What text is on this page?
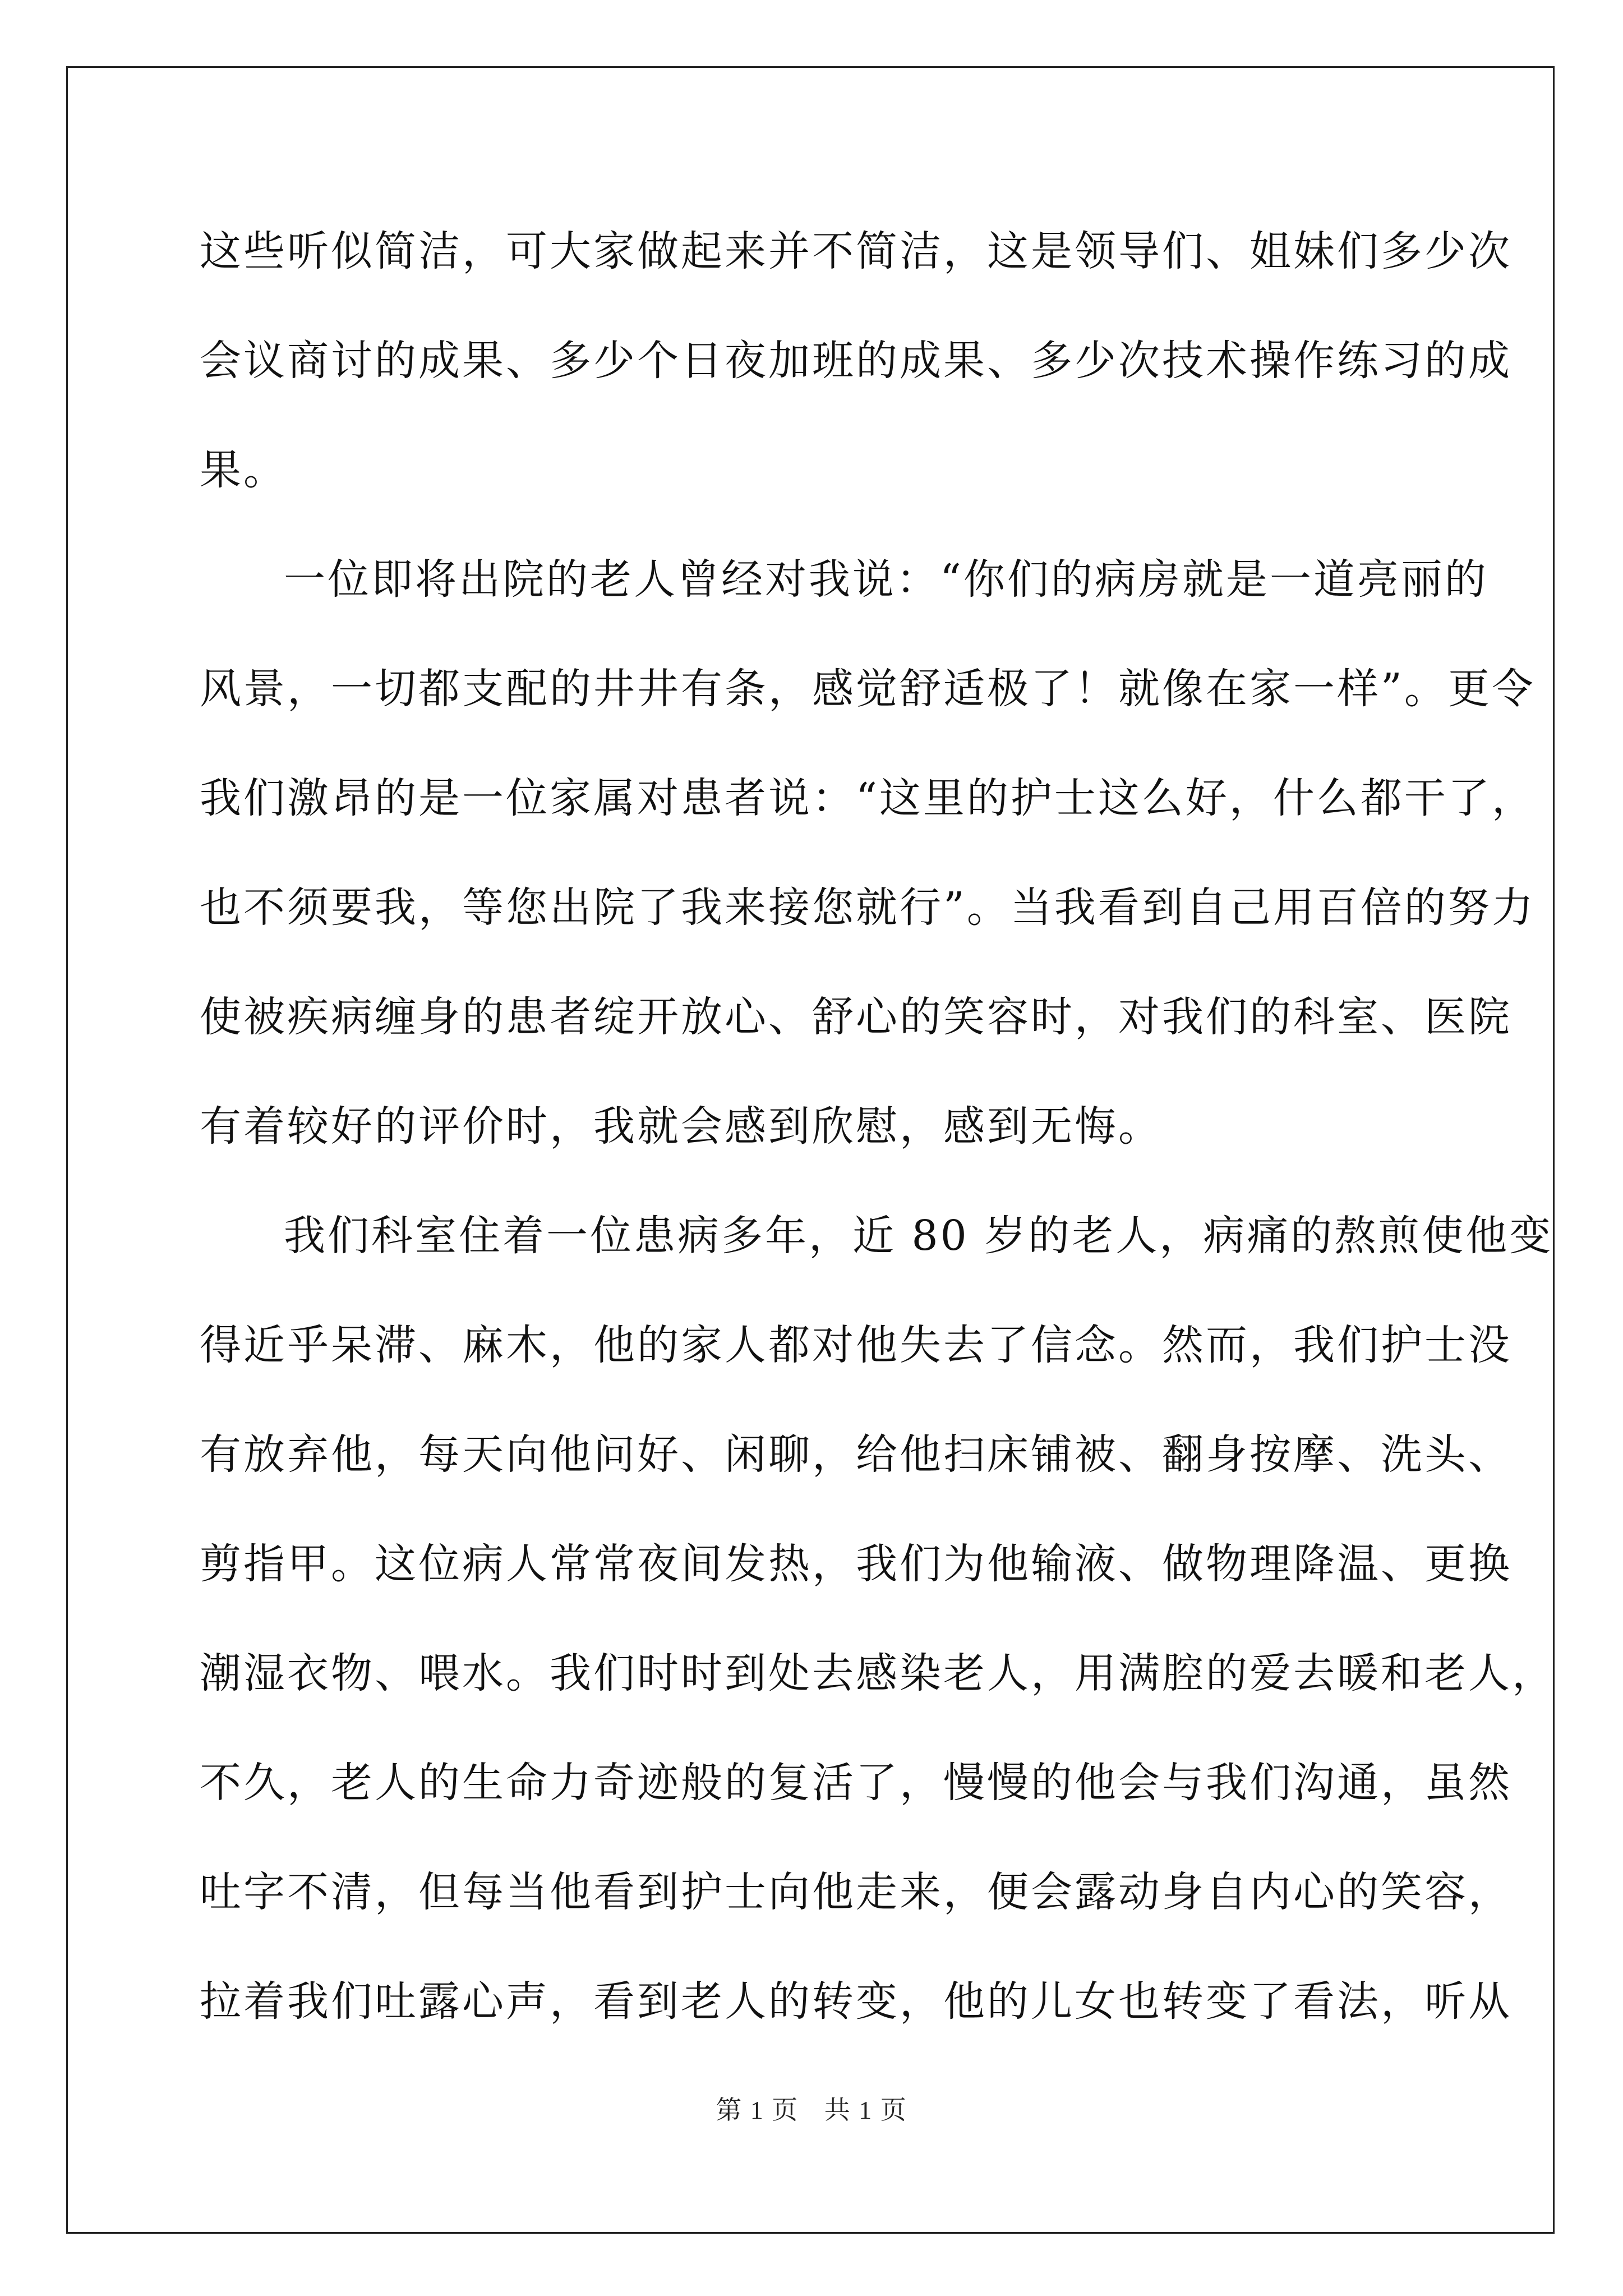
这些听似简洁，可大家做起来并不简洁，这是领导们、姐妹们多少次
会议商讨的成果、多少个日夜加班的成果、多少次技术操作练习的成
果。
一位即将出院的老人曾经对我说：“你们的病房就是一道亮丽的
风景，一切都支配的井井有条，感觉舒适极了！就像在家一样”。更令
我们激昂的是一位家属对患者说：“这里的护士这么好，什么都干了，
也不须要我，等您出院了我来接您就行”。当我看到自己用百倍的努力
使被疾病缠身的患者绽开放心、舒心的笑容时，对我们的科室、医院
有着较好的评价时，我就会感到欣慰，感到无悔。
我们科室住着一位患病多年，近 80 岁的老人，病痛的熬煎使他变
得近乎呆滞、麻木，他的家人都对他失去了信念。然而，我们护士没
有放弃他，每天向他问好、闲聊，给他扫床铺被、翻身按摩、洗头、
剪指甲。这位病人常常夜间发热，我们为他输液、做物理降温、更换
潮湿衣物、喂水。我们时时到处去感染老人，用满腔的爱去暖和老人，
不久，老人的生命力奇迹般的复活了，慢慢的他会与我们沟通，虽然
吐字不清，但每当他看到护士向他走来，便会露动身自内心的笑容，
拉着我们吐露心声，看到老人的转变，他的儿女也转变了看法，听从
第 1 页 共 1 页
